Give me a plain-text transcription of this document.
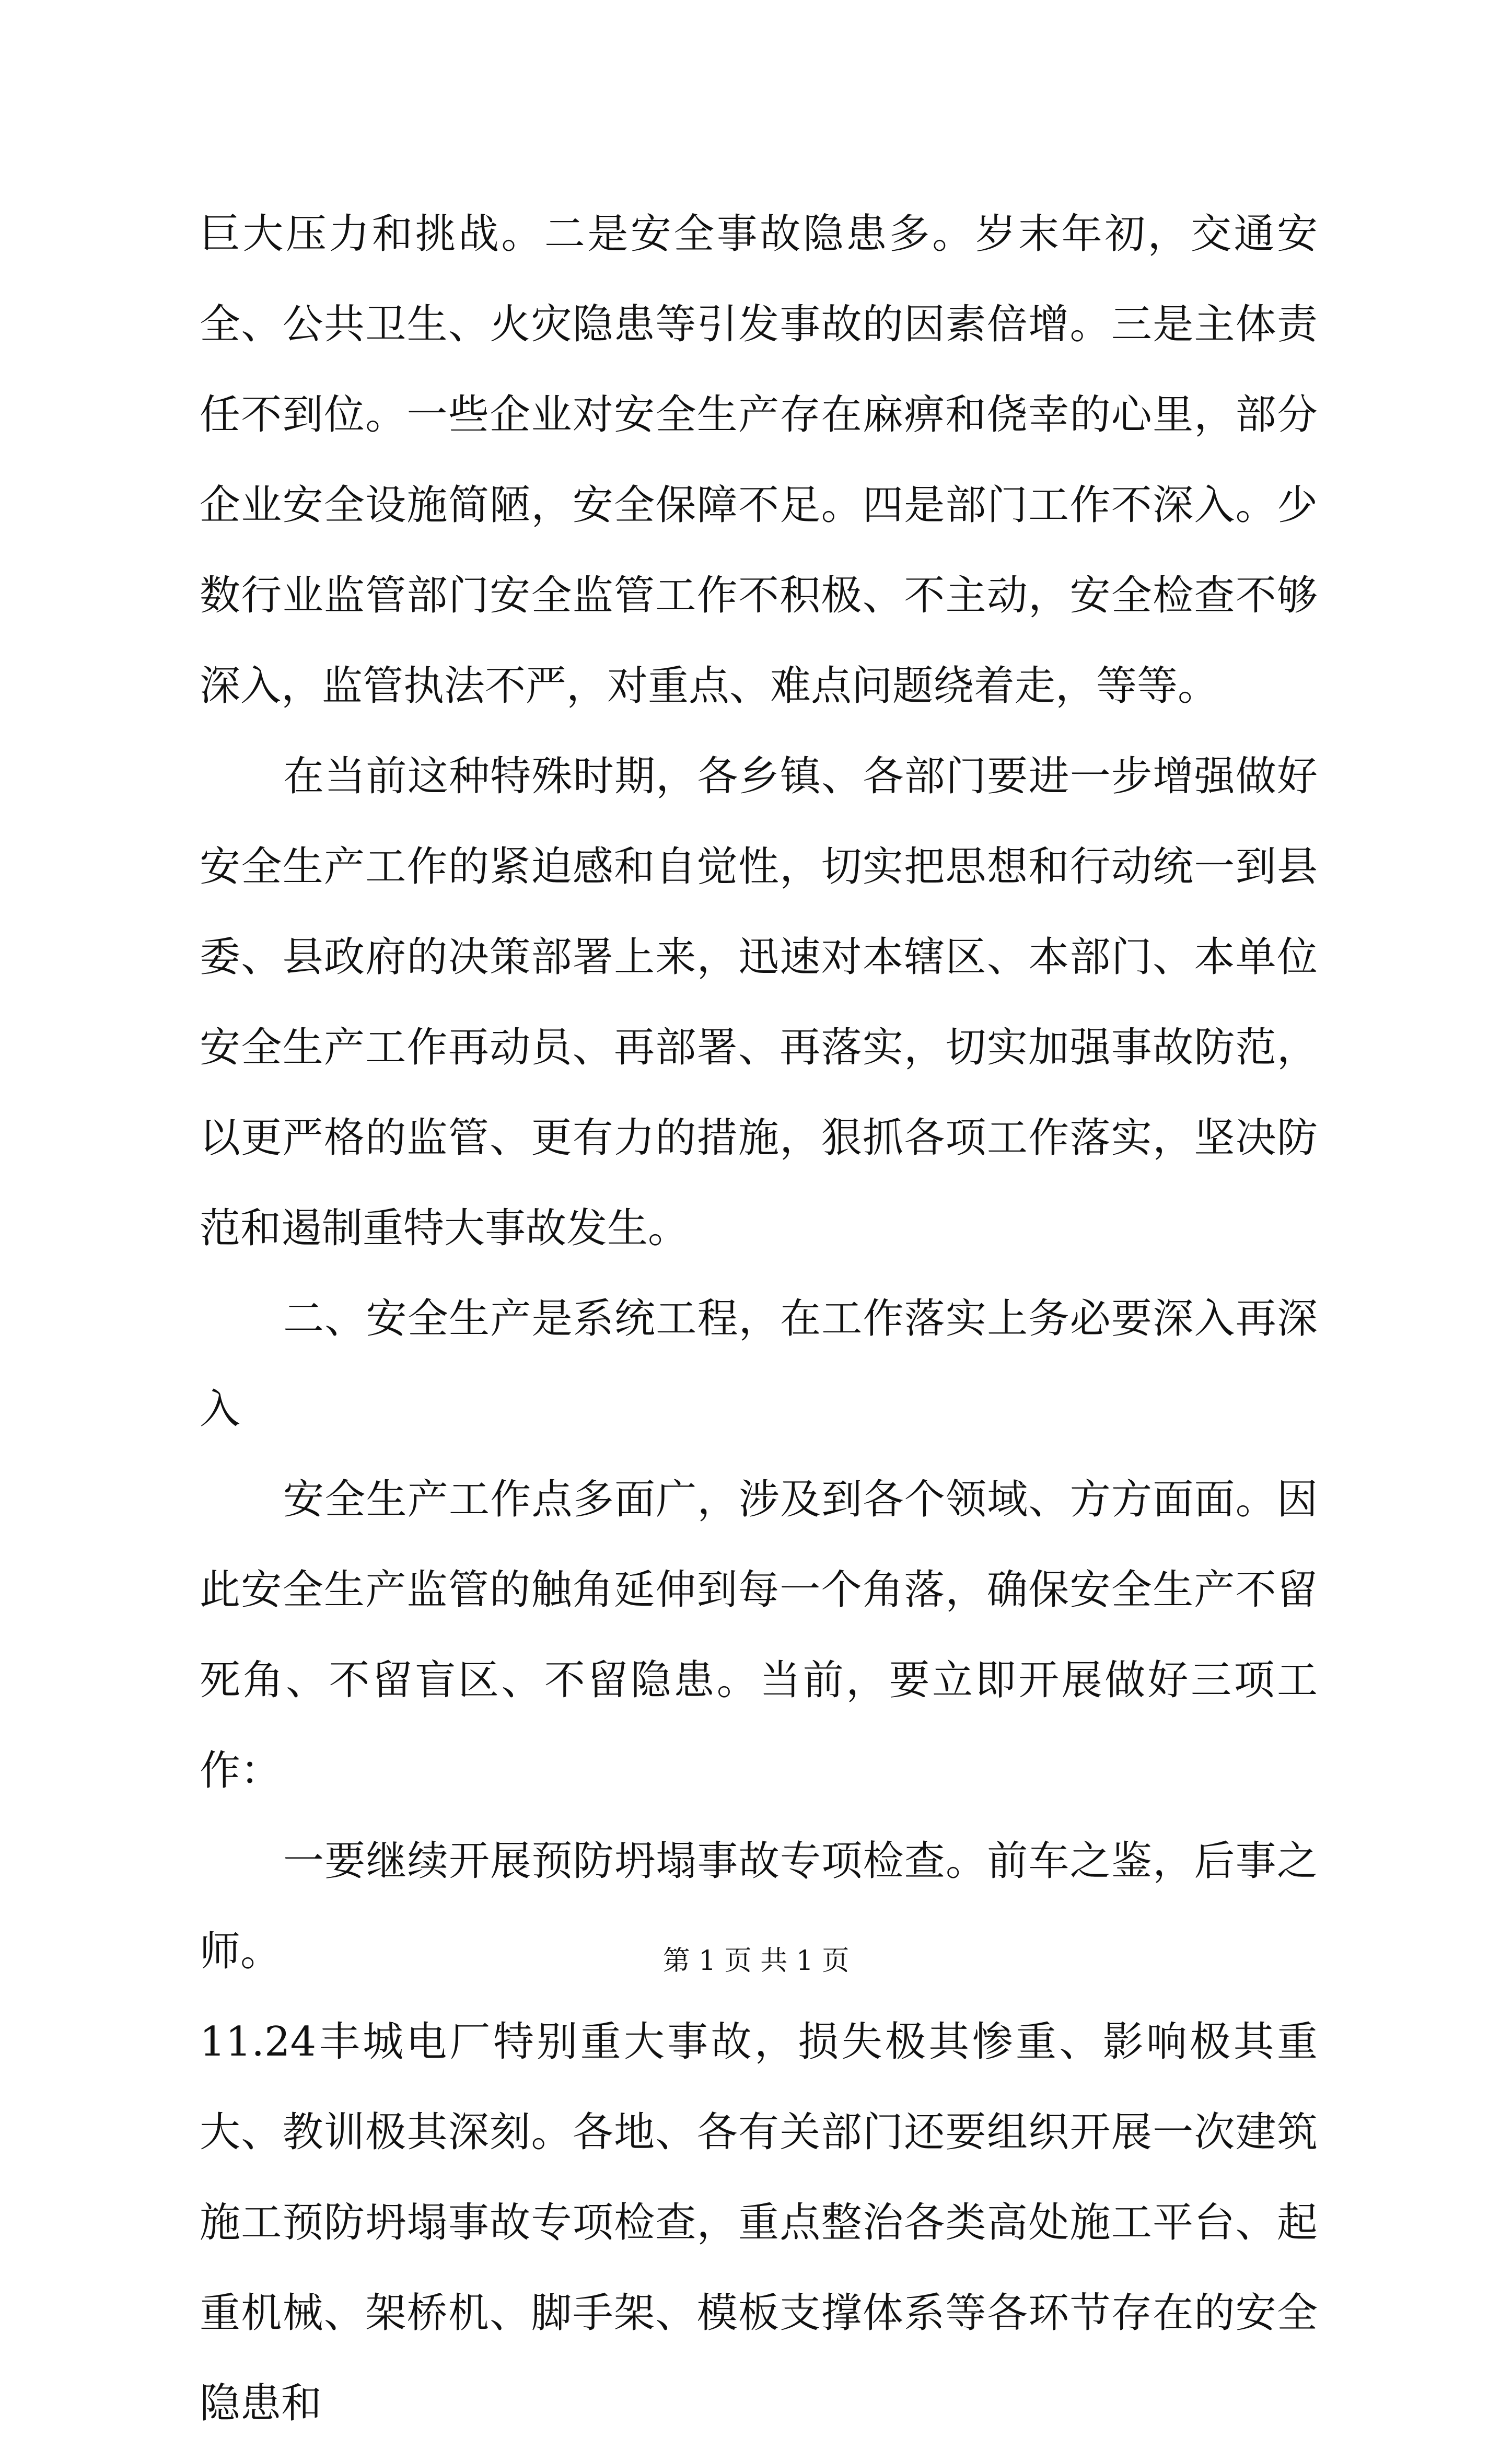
巨大压力和挑战。二是安全事故隐患多。岁末年初，交通安全、公共卫生、火灾隐患等引发事故的因素倍增。三是主体责任不到位。一些企业对安全生产存在麻痹和侥幸的心里，部分企业安全设施简陋，安全保障不足。四是部门工作不深入。少数行业监管部门安全监管工作不积极、不主动，安全检查不够深入，监管执法不严，对重点、难点问题绕着走，等等。

在当前这种特殊时期，各乡镇、各部门要进一步增强做好安全生产工作的紧迫感和自觉性，切实把思想和行动统一到县委、县政府的决策部署上来，迅速对本辖区、本部门、本单位安全生产工作再动员、再部署、再落实，切实加强事故防范，以更严格的监管、更有力的措施，狠抓各项工作落实，坚决防范和遏制重特大事故发生。

二、安全生产是系统工程，在工作落实上务必要深入再深入

安全生产工作点多面广，涉及到各个领域、方方面面。因此安全生产监管的触角延伸到每一个角落，确保安全生产不留死角、不留盲区、不留隐患。当前，要立即开展做好三项工作：

一要继续开展预防坍塌事故专项检查。前车之鉴，后事之师。

11.24丰城电厂特别重大事故，损失极其惨重、影响极其重大、教训极其深刻。各地、各有关部门还要组织开展一次建筑施工预防坍塌事故专项检查，重点整治各类高处施工平台、起重机械、架桥机、脚手架、模板支撑体系等各环节存在的安全隐患和

第 1 页 共 1 页
